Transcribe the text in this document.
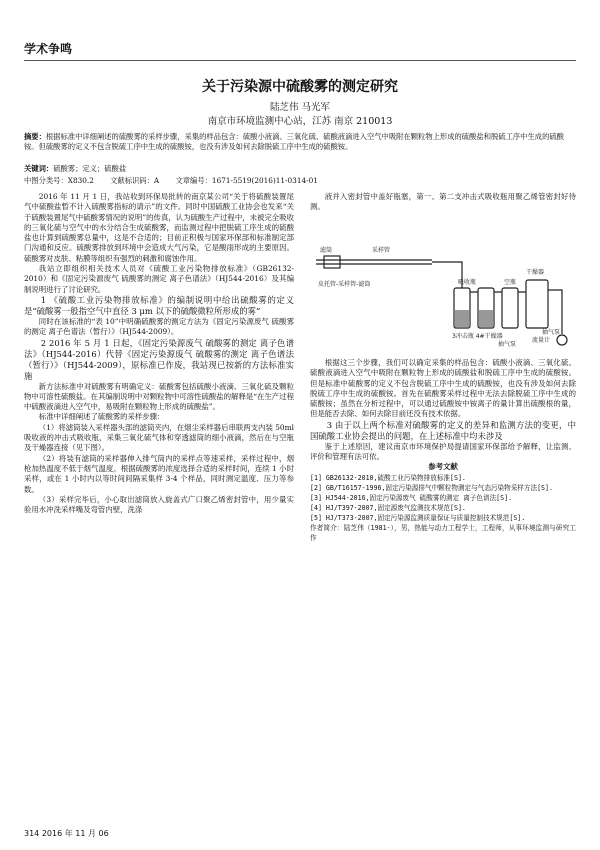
学术争鸣
关于污染源中硫酸雾的测定研究
陆芝伟 马光军
南京市环境监测中心站，江苏 南京 210013
摘要：根据标准中详细阐述的硫酸雾的采样步骤，采集的样品包含：硫酸小液滴、三氧化硫、硫酸液滴进入空气中吸附在颗粒物上形成的硫酸盐和脱硫工序中生成的硫酸铵。但硫酸雾的定义不包含脱硫工序中生成的硫酸铵，也没有涉及如何去除脱硫工序中生成的硫酸铵。
关键词：硫酸雾；定义；硫酸盐
中图分类号：X830.2 文献标识码：A 文章编号：1671-5519(2016)11-0314-01

2016 年 11 月 1 日，我站收到环保局批转的南京某公司“关于将硫酸装置尾气中硫酸盐暂不计入硫酸雾指标的请示”的文件。同时中国硫酸工业协会也发来“关于硫酸装置尾气中硫酸雾情况的说明”的传真，认为硫酸生产过程中，未被完全吸收的三氧化硫与空气中的水分结合生成硫酸雾，而监测过程中把脱硫工序生成的硫酸盐也计算到硫酸雾总量中，这是不合适的；目前正积极与国家环保部和标准制定部门沟通和反应。硫酸雾排放到环境中会造成大气污染，它是酸雨形成的主要原因。硫酸雾对皮肤、粘膜等组织有强烈的刺激和腐蚀作用。

我站立即组织相关技术人员对《硫酸工业污染物排放标准》（GB26132-2010）和《固定污染源废气 硫酸雾的测定 离子色谱法》（HJ544-2016）及其编制说明进行了讨论研究。

1 《硫酸工业污染物排放标准》的编制说明中给出硫酸雾的定义是“硫酸雾一般指空气中直径 3 μm 以下的硫酸微粒所形成的雾”

同时在该标准的“表 10”中明确硫酸雾的测定方法为《固定污染源废气 硫酸雾的测定 离子色谱法（暂行）》（HJ544-2009）。

2 2016 年 5 月 1 日起，《固定污染源废气 硫酸雾的测定 离子色谱法》（HJ544-2016）代替《固定污染源废气 硫酸雾的测定 离子色谱法（暂行）》（HJ544-2009），原标准已作废，我站现已按新的方法标准实施

新方法标准中对硫酸雾有明确定义：硫酸雾包括硫酸小液滴、三氧化硫及颗粒物中可溶性硫酸盐。在其编制说明中对颗粒物中可溶性硫酸盐的解释是“在生产过程中硫酸液滴进入空气中，易吸附在颗粒物上形成的硫酸盐”。

标准中详细阐述了硫酸雾的采样步骤：

（1）将滤筒装入采样器头部的滤筒夹内，在烟尘采样器后串联两支内装 50ml 吸收液的冲击式吸收瓶，采集三氧化硫气体和穿透滤筒的细小液滴，然后在与空瓶及干燥器连接（见下图）。

（2）将装有滤筒的采样器伸入排气筒内的采样点等速采样，采样过程中，烟枪加热温度不低于烟气温度。根据硫酸雾的浓度选择合适的采样时间，连续 1 小时采样，或在 1 小时内以等时间间隔采集样 3-4 个样品，同时测定温度、压力等参数。

（3）采样完毕后，小心取出滤筒放入旋盖式广口聚乙烯密封管中，用少量实验用水冲洗采样嘴及弯管内壁，洗涤

液并入密封管中盖好瓶塞，第一、第二支冲击式吸收瓶用聚乙烯管密封好待测。

滤筒	采样管
吸收瓶	空瓶
干燥器
流量计
抽气泵
皮托管-采样管-滤筒
3冲击瓶 4#干燥器
抽气泵

根据这三个步骤，我们可以确定采集的样品包含：硫酸小液滴、三氧化硫、硫酸液滴进入空气中吸附在颗粒物上形成的硫酸盐和脱硫工序中生成的硫酸铵。但是标准中硫酸雾的定义不包含脱硫工序中生成的硫酸铵，也没有涉及如何去除脱硫工序中生成的硫酸铵。首先在硫酸雾采样过程中无法去除脱硫工序中生成的硫酸铵；虽然在分析过程中，可以通过硫酸铵中铵离子的量计算出硫酸根的量，但是能否去除、如何去除目前还没有技术依据。

3 由于以上两个标准对硫酸雾的定义的差异和监测方法的变更，中国硫酸工业协会提出的问题，在上述标准中均未涉及

鉴于上述原因，建议南京市环境保护局提请国家环保部给予解释，让监测、评价和管理有法可依。

参考文献

[1] GB26132-2010,硫酸工业污染物排放标准[S].

[2] GB/T16157-1996,固定污染源排气中颗粒物测定与气态污染物采样方法[S].

[3] HJ544-2016,固定污染源废气 硫酸雾的测定 离子色谱法[S].

[4] HJ/T397-2007,固定源废气监测技术规范[S].

[5] HJ/T373-2007,固定污染源监测质量保证与质量控制技术规范[S].

作者简介：陆芝伟（1981-），男，热能与动力工程学士，工程师，从事环境监测与研究工作

314 2016 年 11 月 06
